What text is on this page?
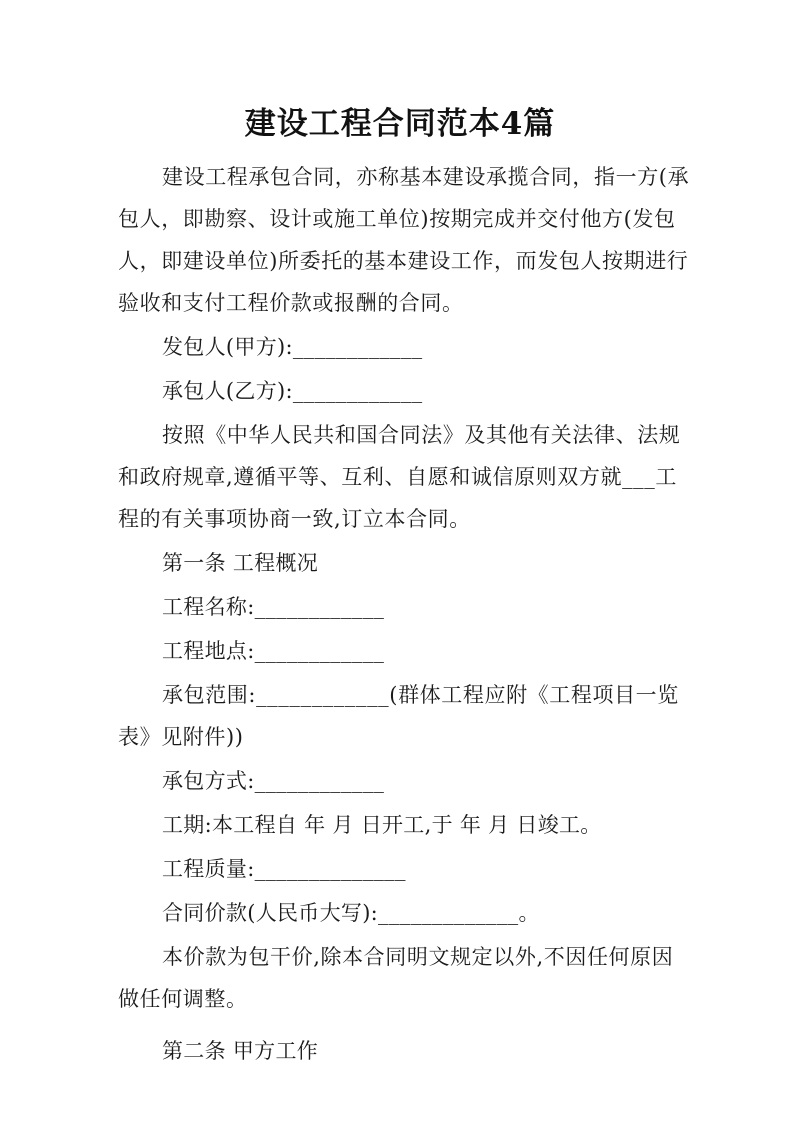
建设工程合同范本4篇

建设工程承包合同，亦称基本建设承揽合同，指一方(承包人，即勘察、设计或施工单位)按期完成并交付他方(发包人，即建设单位)所委托的基本建设工作，而发包人按期进行验收和支付工程价款或报酬的合同。

发包人(甲方):____________

承包人(乙方):____________

按照《中华人民共和国合同法》及其他有关法律、法规和政府规章,遵循平等、互利、自愿和诚信原则双方就___工程的有关事项协商一致,订立本合同。

第一条 工程概况

工程名称:____________

工程地点:____________

承包范围:____________(群体工程应附《工程项目一览表》见附件))

承包方式:____________

工期:本工程自 年 月 日开工,于 年 月 日竣工。

工程质量:______________

合同价款(人民币大写):_____________。

本价款为包干价,除本合同明文规定以外,不因任何原因做任何调整。

第二条 甲方工作
